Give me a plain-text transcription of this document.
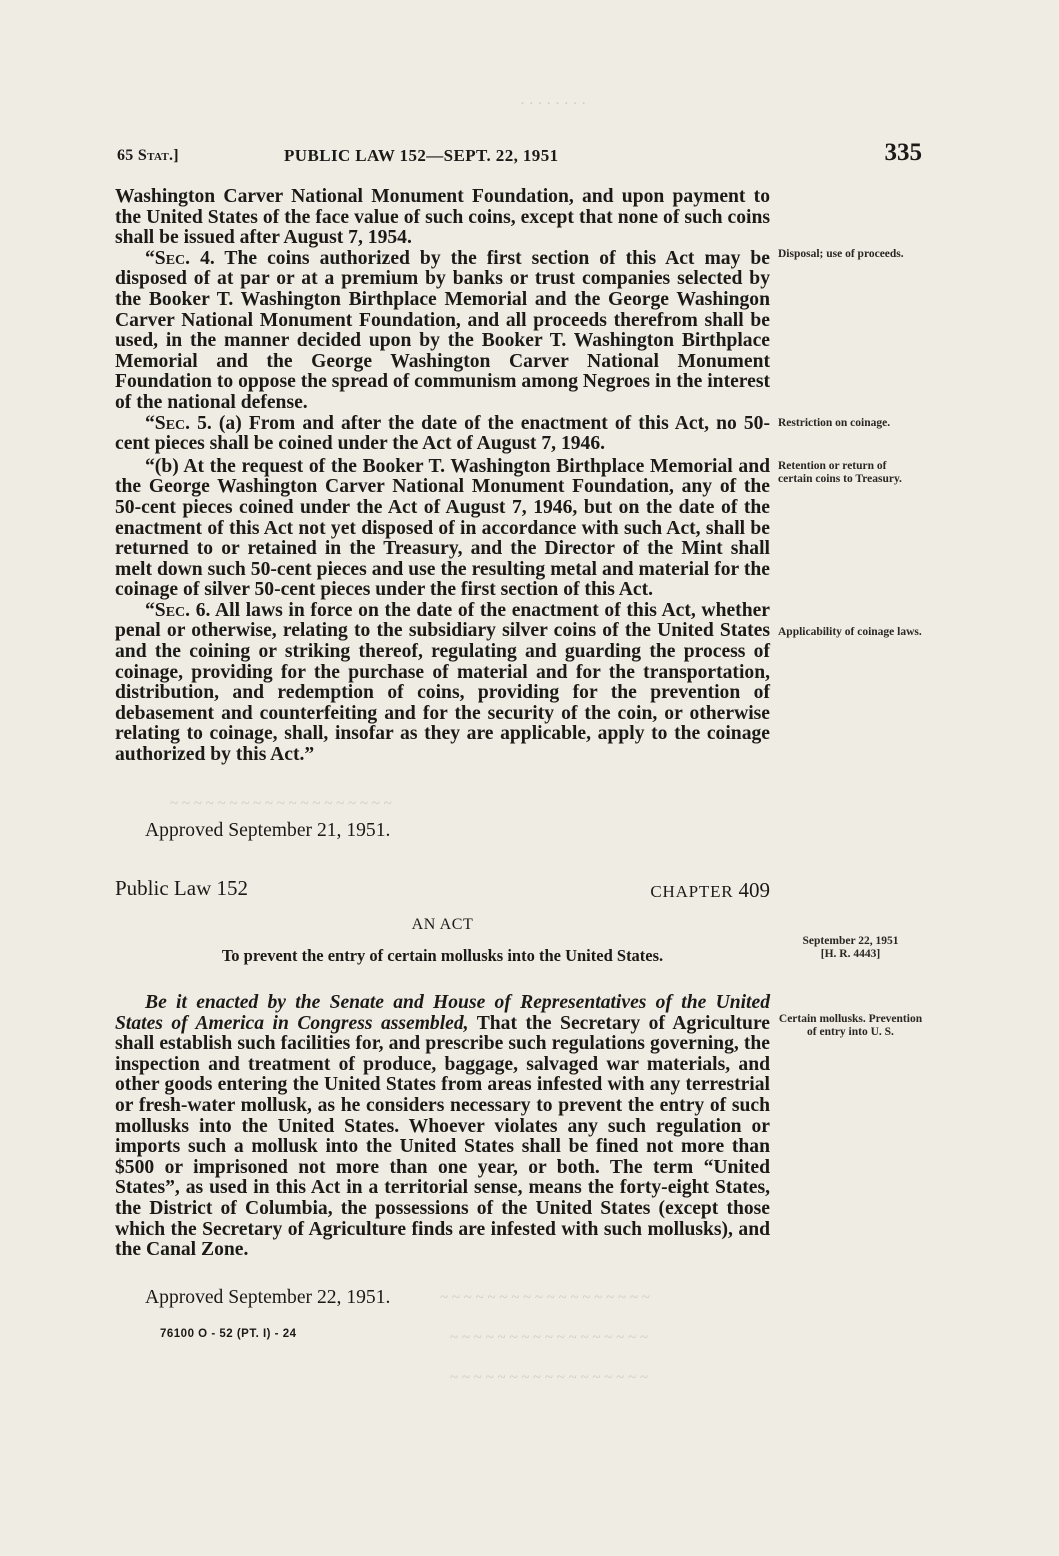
· · · · · · · ·
~ ~ ~ ~ ~ ~ ~ ~ ~ ~ ~ ~ ~ ~ ~ ~ ~ ~ ~
~ ~ ~ ~ ~ ~ ~ ~ ~ ~ ~ ~ ~ ~ ~ ~ ~ ~
~ ~ ~ ~ ~ ~ ~ ~ ~ ~ ~ ~ ~ ~ ~ ~ ~
~ ~ ~ ~ ~ ~ ~ ~ ~ ~ ~ ~ ~ ~ ~ ~ ~
65 Stat.]	PUBLIC LAW 152—SEPT. 22, 1951	335

Washington Carver National Monument Foundation, and upon payment to the United States of the face value of such coins, except that none of such coins shall be issued after August 7, 1954.

“Sec. 4. The coins authorized by the first section of this Act may be disposed of at par or at a premium by banks or trust companies selected by the Booker T. Washington Birthplace Memorial and the George Washingon Carver National Monument Foundation, and all proceeds therefrom shall be used, in the manner decided upon by the Booker T. Washington Birthplace Memorial and the George Washington Carver National Monument Foundation to oppose the spread of communism among Negroes in the interest of the national defense.

“Sec. 5. (a) From and after the date of the enactment of this Act, no 50-cent pieces shall be coined under the Act of August 7, 1946.

“(b) At the request of the Booker T. Washington Birthplace Memorial and the George Washington Carver National Monument Foundation, any of the 50-cent pieces coined under the Act of August 7, 1946, but on the date of the enactment of this Act not yet disposed of in accordance with such Act, shall be returned to or retained in the Treasury, and the Director of the Mint shall melt down such 50-cent pieces and use the resulting metal and material for the coinage of silver 50-cent pieces under the first section of this Act.

“Sec. 6. All laws in force on the date of the enactment of this Act, whether penal or otherwise, relating to the subsidiary silver coins of the United States and the coining or striking thereof, regulating and guarding the process of coinage, providing for the purchase of material and for the transportation, distribution, and redemption of coins, providing for the prevention of debasement and counterfeiting and for the security of the coin, or otherwise relating to coinage, shall, insofar as they are applicable, apply to the coinage authorized by this Act.”

Approved September 21, 1951.
Disposal; use of proceeds.
Restriction on coinage.
Retention or return of certain coins to Treasury.
Applicability of coinage laws.
Public Law 152	CHAPTER 409
AN ACT
To prevent the entry of certain mollusks into the United States.
September 22, 1951
[H. R. 4443]

Be it enacted by the Senate and House of Representatives of the United States of America in Congress assembled, That the Secretary of Agriculture shall establish such facilities for, and prescribe such regulations governing, the inspection and treatment of produce, baggage, salvaged war materials, and other goods entering the United States from areas infested with any terrestrial or fresh-water mollusk, as he considers necessary to prevent the entry of such mollusks into the United States. Whoever violates any such regulation or imports such a mollusk into the United States shall be fined not more than $500 or imprisoned not more than one year, or both. The term “United States”, as used in this Act in a territorial sense, means the forty-eight States, the District of Columbia, the possessions of the United States (except those which the Secretary of Agriculture finds are infested with such mollusks), and the Canal Zone.

Certain mollusks. Prevention of entry into U. S.
Approved September 22, 1951.
76100 O - 52 (PT. I) - 24
